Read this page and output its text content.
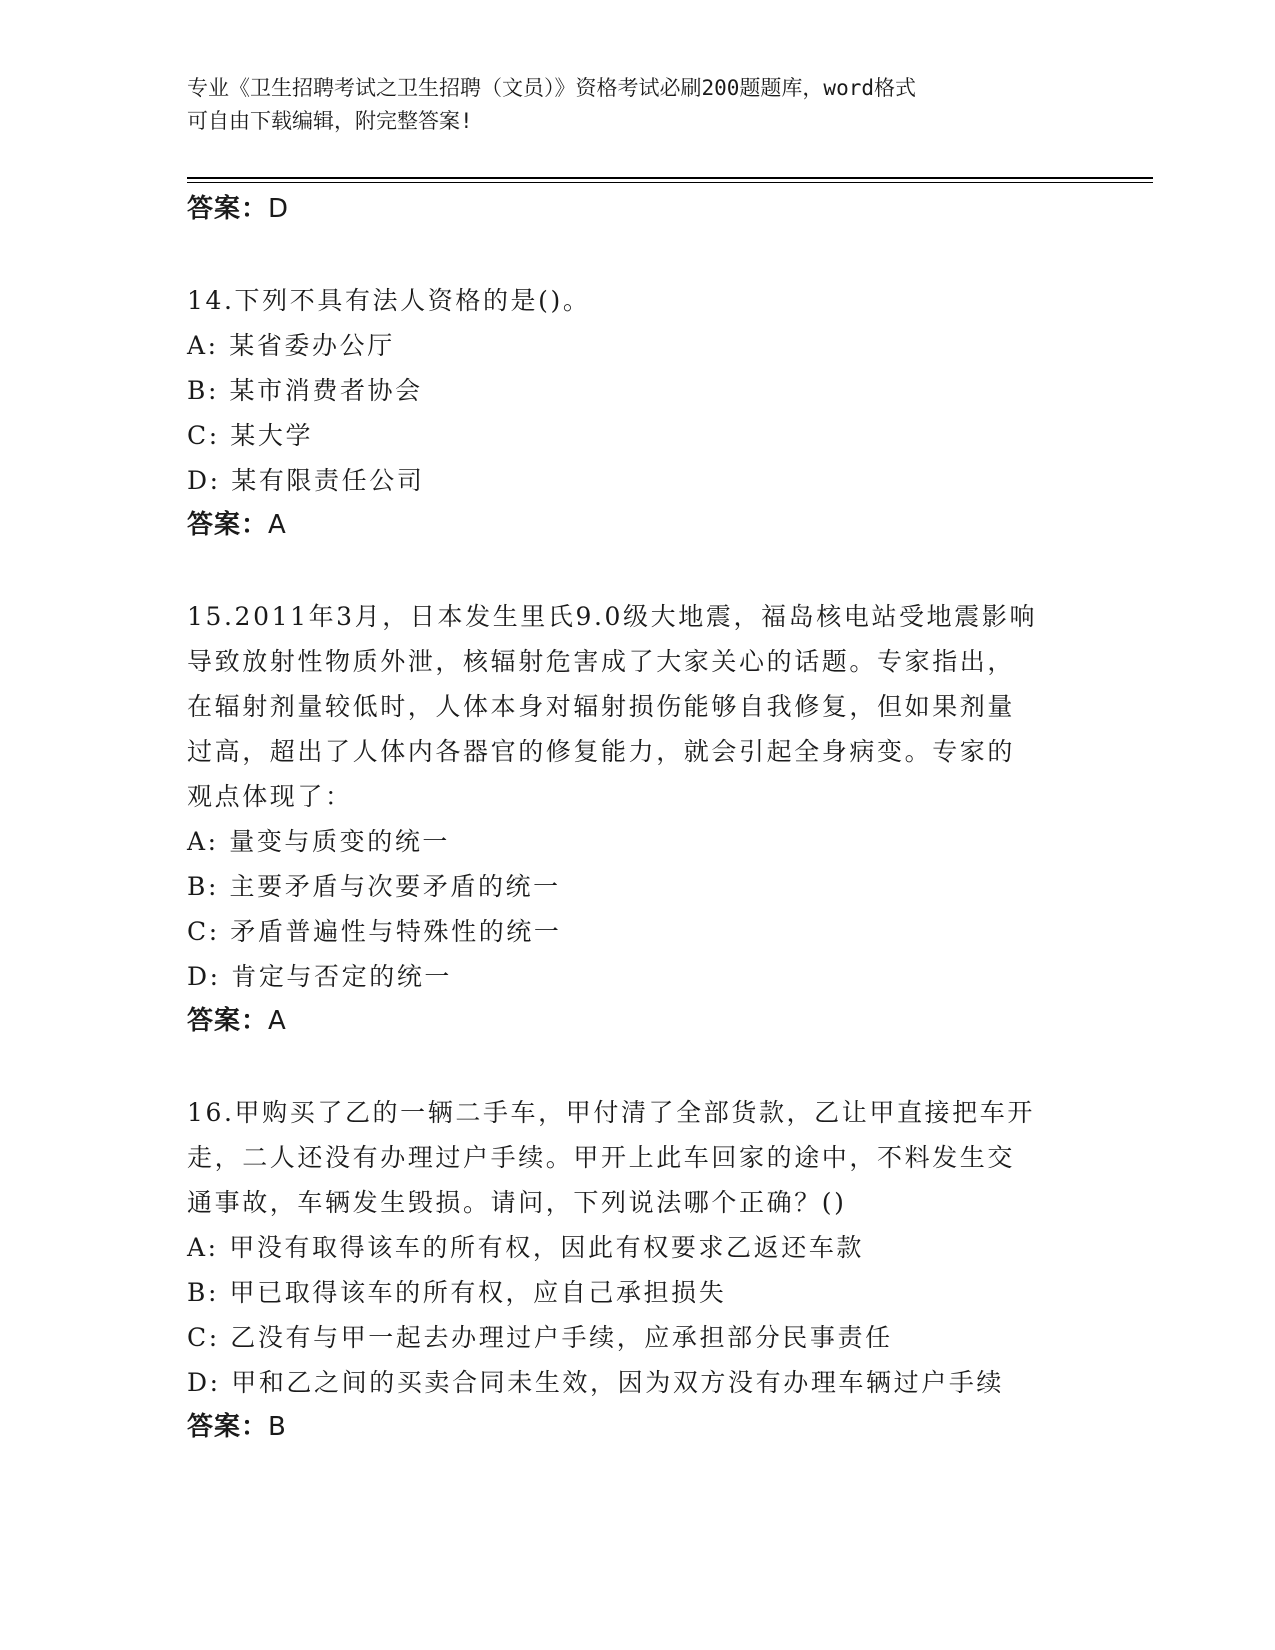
专业《卫生招聘考试之卫生招聘（文员）》资格考试必刷200题题库，word格式
可自由下载编辑，附完整答案!
答案：D
14.下列不具有法人资格的是()。
A: 某省委办公厅
B: 某市消费者协会
C: 某大学
D: 某有限责任公司
答案：A
15.2011年3月，日本发生里氏9.0级大地震，福岛核电站受地震影响
导致放射性物质外泄，核辐射危害成了大家关心的话题。专家指出，
在辐射剂量较低时，人体本身对辐射损伤能够自我修复，但如果剂量
过高，超出了人体内各器官的修复能力，就会引起全身病变。专家的
观点体现了：
A: 量变与质变的统一
B: 主要矛盾与次要矛盾的统一
C: 矛盾普遍性与特殊性的统一
D: 肯定与否定的统一
答案：A
16.甲购买了乙的一辆二手车，甲付清了全部货款，乙让甲直接把车开
走，二人还没有办理过户手续。甲开上此车回家的途中，不料发生交
通事故，车辆发生毁损。请问，下列说法哪个正确？()
A: 甲没有取得该车的所有权，因此有权要求乙返还车款
B: 甲已取得该车的所有权，应自己承担损失
C: 乙没有与甲一起去办理过户手续，应承担部分民事责任
D: 甲和乙之间的买卖合同未生效，因为双方没有办理车辆过户手续
答案：B
